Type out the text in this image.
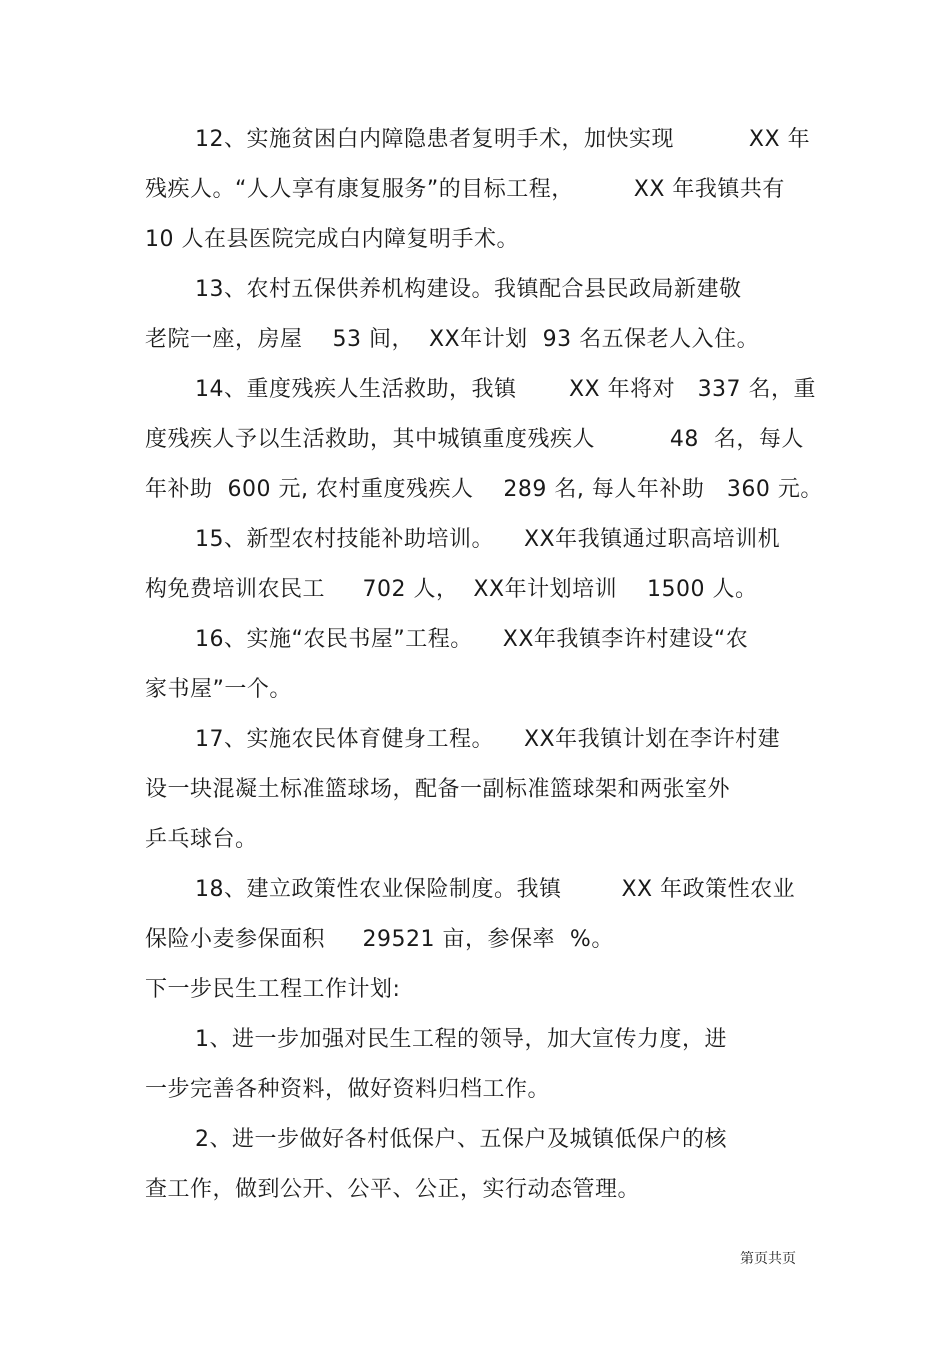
12、实施贫困白内障隐患者复明手术，加快实现          XX 年
残疾人。“人人享有康复服务”的目标工程，        XX 年我镇共有
10 人在县医院完成白内障复明手术。
13、农村五保供养机构建设。我镇配合县民政局新建敬
老院一座，房屋    53 间，  XX年计划  93 名五保老人入住。
14、重度残疾人生活救助，我镇       XX 年将对   337 名，重
度残疾人予以生活救助，其中城镇重度残疾人          48  名，每人
年补助  600 元, 农村重度残疾人    289 名, 每人年补助   360 元。
15、新型农村技能补助培训。    XX年我镇通过职高培训机
构免费培训农民工     702 人，  XX年计划培训    1500 人。
16、实施“农民书屋”工程。    XX年我镇李许村建设“农
家书屋”一个。
17、实施农民体育健身工程。    XX年我镇计划在李许村建
设一块混凝土标准篮球场，配备一副标准篮球架和两张室外
乒乓球台。
18、建立政策性农业保险制度。我镇        XX 年政策性农业
保险小麦参保面积     29521 亩，参保率  %。
下一步民生工程工作计划:
1、进一步加强对民生工程的领导，加大宣传力度，进
一步完善各种资料，做好资料归档工作。
2、进一步做好各村低保户、五保户及城镇低保户的核
查工作，做到公开、公平、公正，实行动态管理。
第页共页
